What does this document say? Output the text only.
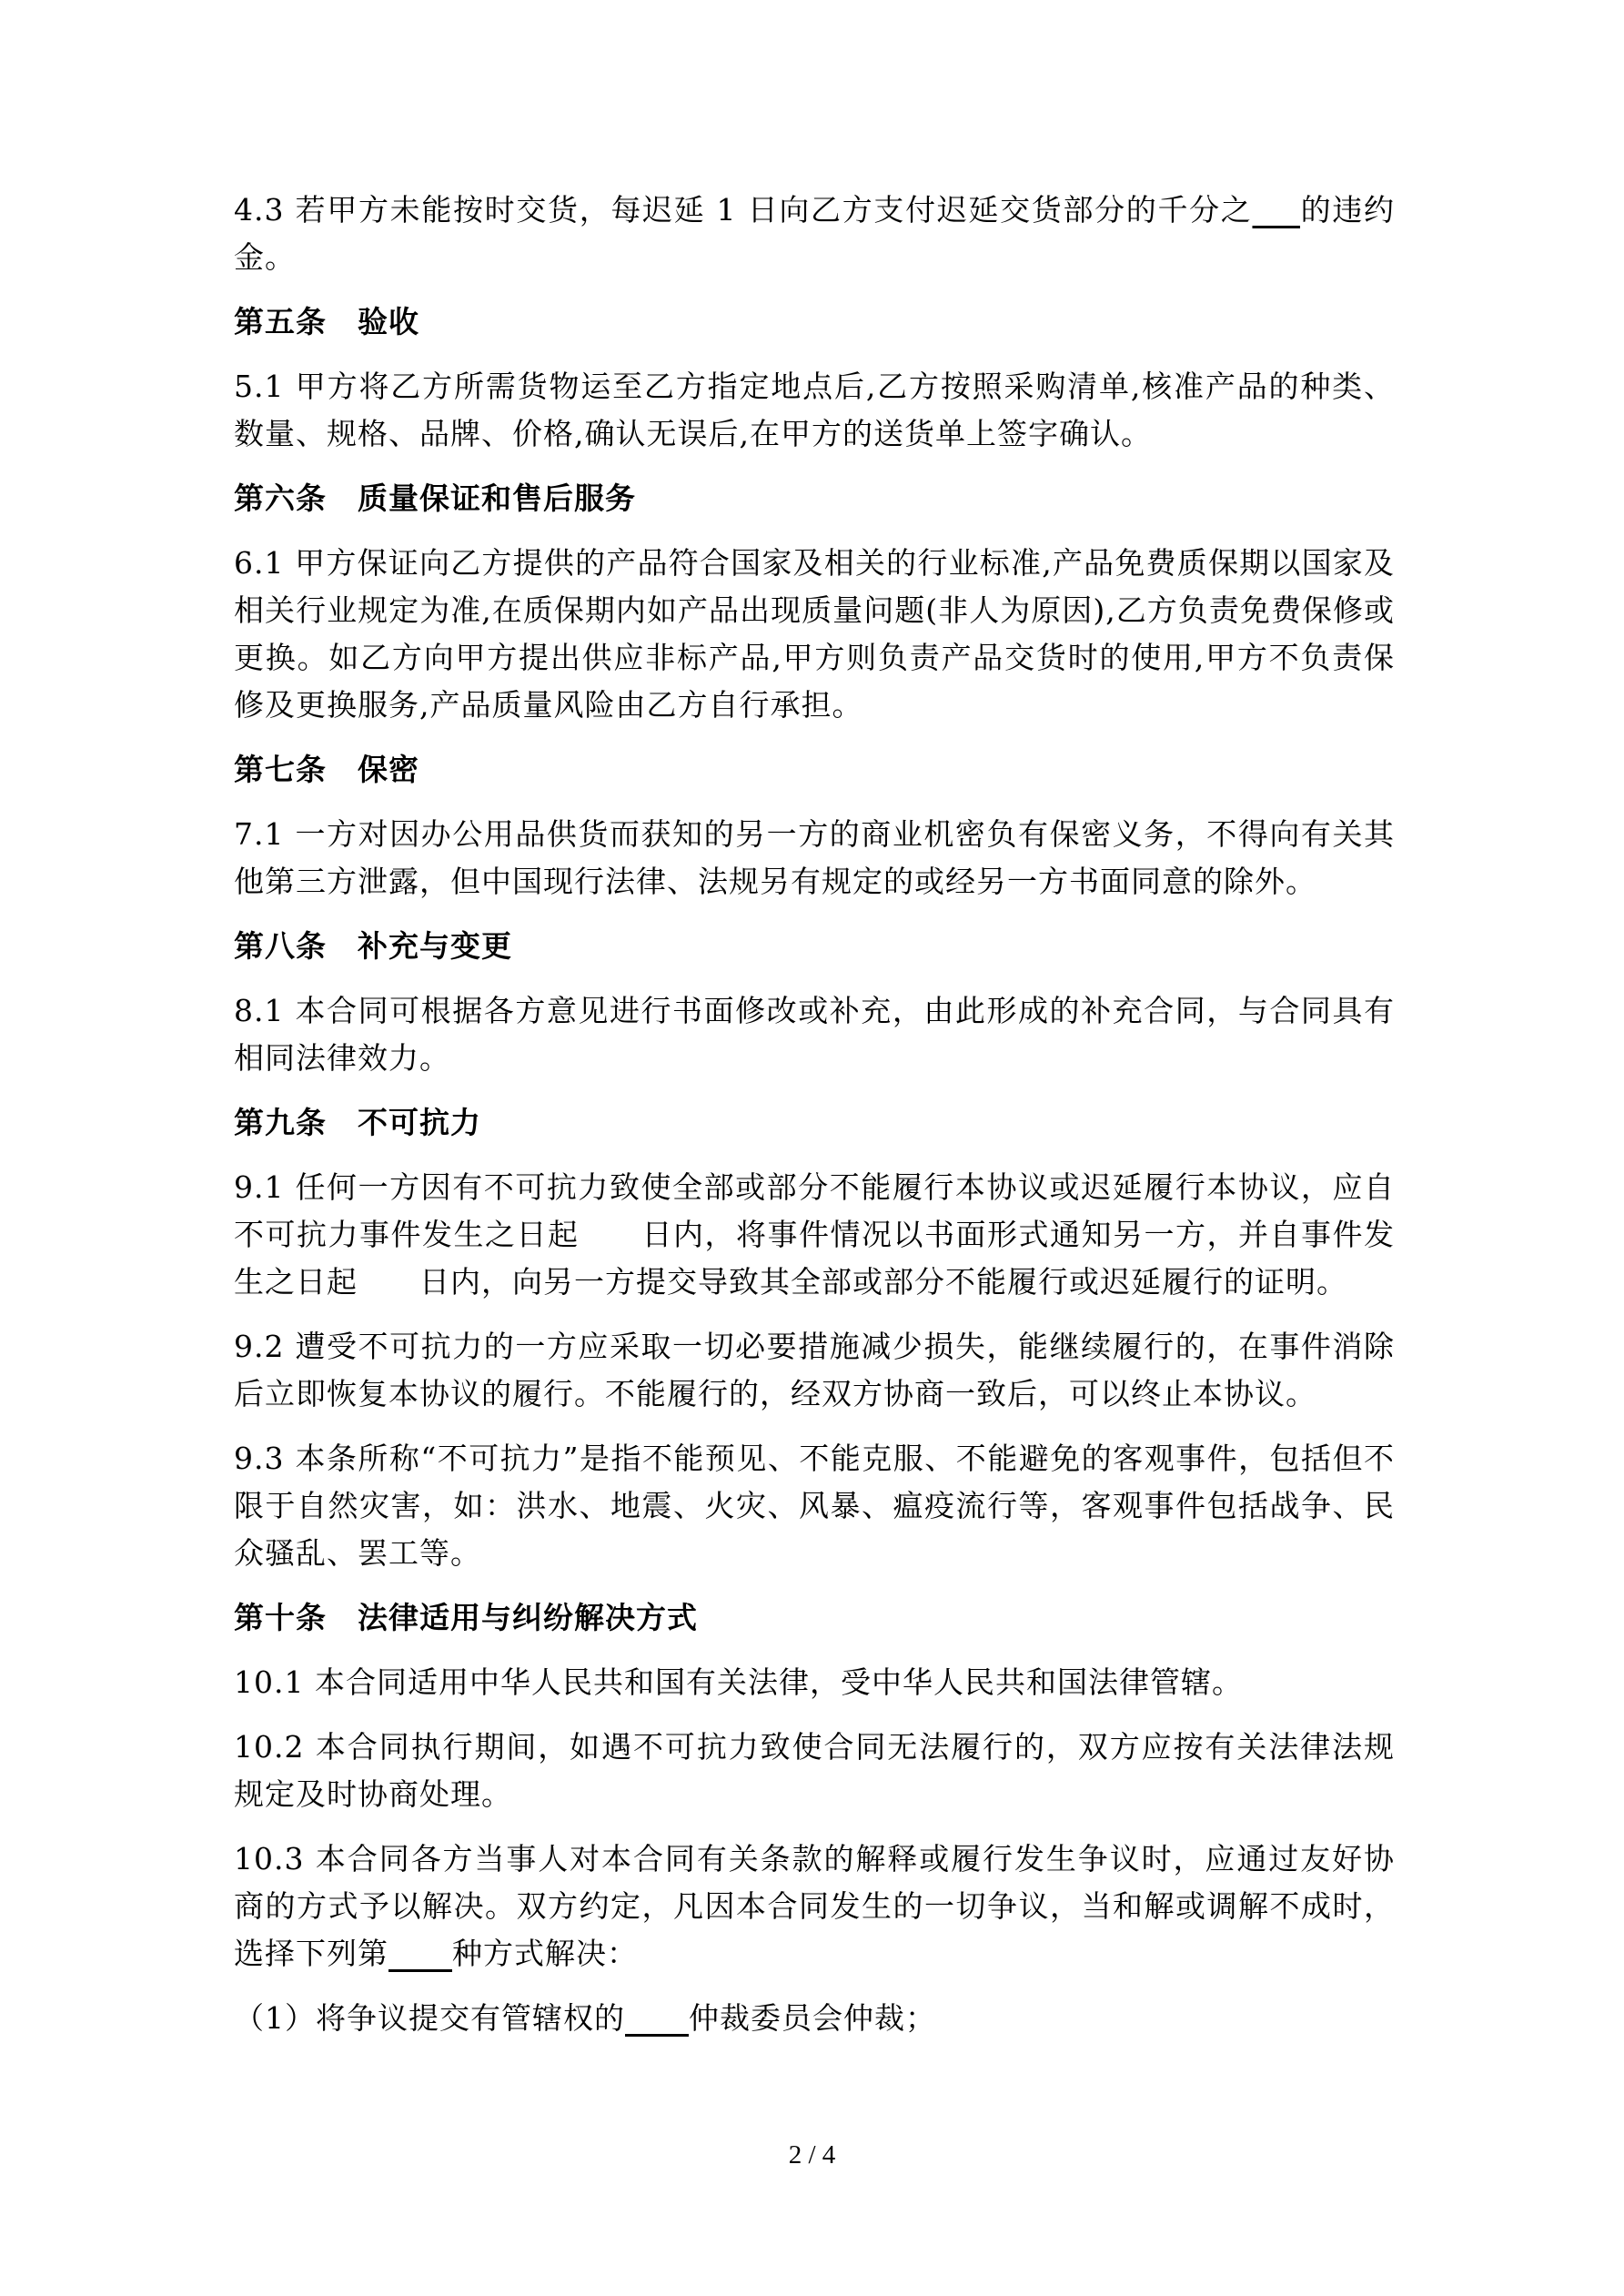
4.3 若甲方未能按时交货，每迟延 1 日向乙方支付迟延交货部分的千分之___的违约金。

第五条　验收

5.1 甲方将乙方所需货物运至乙方指定地点后,乙方按照采购清单,核准产品的种类、数量、规格、品牌、价格,确认无误后,在甲方的送货单上签字确认。

第六条　质量保证和售后服务

6.1 甲方保证向乙方提供的产品符合国家及相关的行业标准,产品免费质保期以国家及相关行业规定为准,在质保期内如产品出现质量问题(非人为原因),乙方负责免费保修或更换。如乙方向甲方提出供应非标产品,甲方则负责产品交货时的使用,甲方不负责保修及更换服务,产品质量风险由乙方自行承担。

第七条　保密

7.1 一方对因办公用品供货而获知的另一方的商业机密负有保密义务，不得向有关其他第三方泄露，但中国现行法律、法规另有规定的或经另一方书面同意的除外。

第八条　补充与变更

8.1 本合同可根据各方意见进行书面修改或补充，由此形成的补充合同，与合同具有相同法律效力。

第九条　不可抗力

9.1 任何一方因有不可抗力致使全部或部分不能履行本协议或迟延履行本协议，应自不可抗力事件发生之日起　　日内，将事件情况以书面形式通知另一方，并自事件发生之日起　　日内，向另一方提交导致其全部或部分不能履行或迟延履行的证明。

9.2 遭受不可抗力的一方应采取一切必要措施减少损失，能继续履行的，在事件消除后立即恢复本协议的履行。不能履行的，经双方协商一致后，可以终止本协议。

9.3 本条所称“不可抗力”是指不能预见、不能克服、不能避免的客观事件，包括但不限于自然灾害，如：洪水、地震、火灾、风暴、瘟疫流行等，客观事件包括战争、民众骚乱、罢工等。

第十条　法律适用与纠纷解决方式

10.1 本合同适用中华人民共和国有关法律，受中华人民共和国法律管辖。

10.2 本合同执行期间，如遇不可抗力致使合同无法履行的，双方应按有关法律法规规定及时协商处理。

10.3 本合同各方当事人对本合同有关条款的解释或履行发生争议时，应通过友好协商的方式予以解决。双方约定，凡因本合同发生的一切争议，当和解或调解不成时，选择下列第____种方式解决：

（1）将争议提交有管辖权的____仲裁委员会仲裁；

2 / 4
